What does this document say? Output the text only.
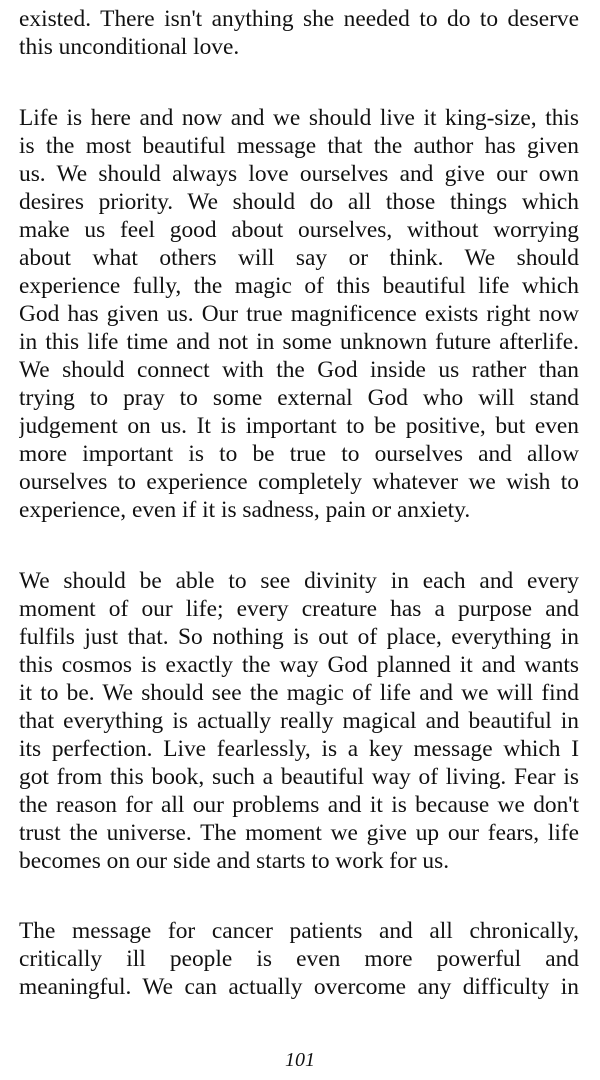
existed. There isn't anything she needed to do to deserve
this unconditional love.
Life is here and now and we should live it king-size, this
is the most beautiful message that the author has given
us. We should always love ourselves and give our own
desires priority. We should do all those things which
make us feel good about ourselves, without worrying
about what others will say or think. We should
experience fully, the magic of this beautiful life which
God has given us. Our true magnificence exists right now
in this life time and not in some unknown future afterlife.
We should connect with the God inside us rather than
trying to pray to some external God who will stand
judgement on us. It is important to be positive, but even
more important is to be true to ourselves and allow
ourselves to experience completely whatever we wish to
experience, even if it is sadness, pain or anxiety.
We should be able to see divinity in each and every
moment of our life; every creature has a purpose and
fulfils just that. So nothing is out of place, everything in
this cosmos is exactly the way God planned it and wants
it to be. We should see the magic of life and we will find
that everything is actually really magical and beautiful in
its perfection. Live fearlessly, is a key message which I
got from this book, such a beautiful way of living. Fear is
the reason for all our problems and it is because we don't
trust the universe. The moment we give up our fears, life
becomes on our side and starts to work for us.
The message for cancer patients and all chronically,
critically ill people is even more powerful and
meaningful. We can actually overcome any difficulty in
101
